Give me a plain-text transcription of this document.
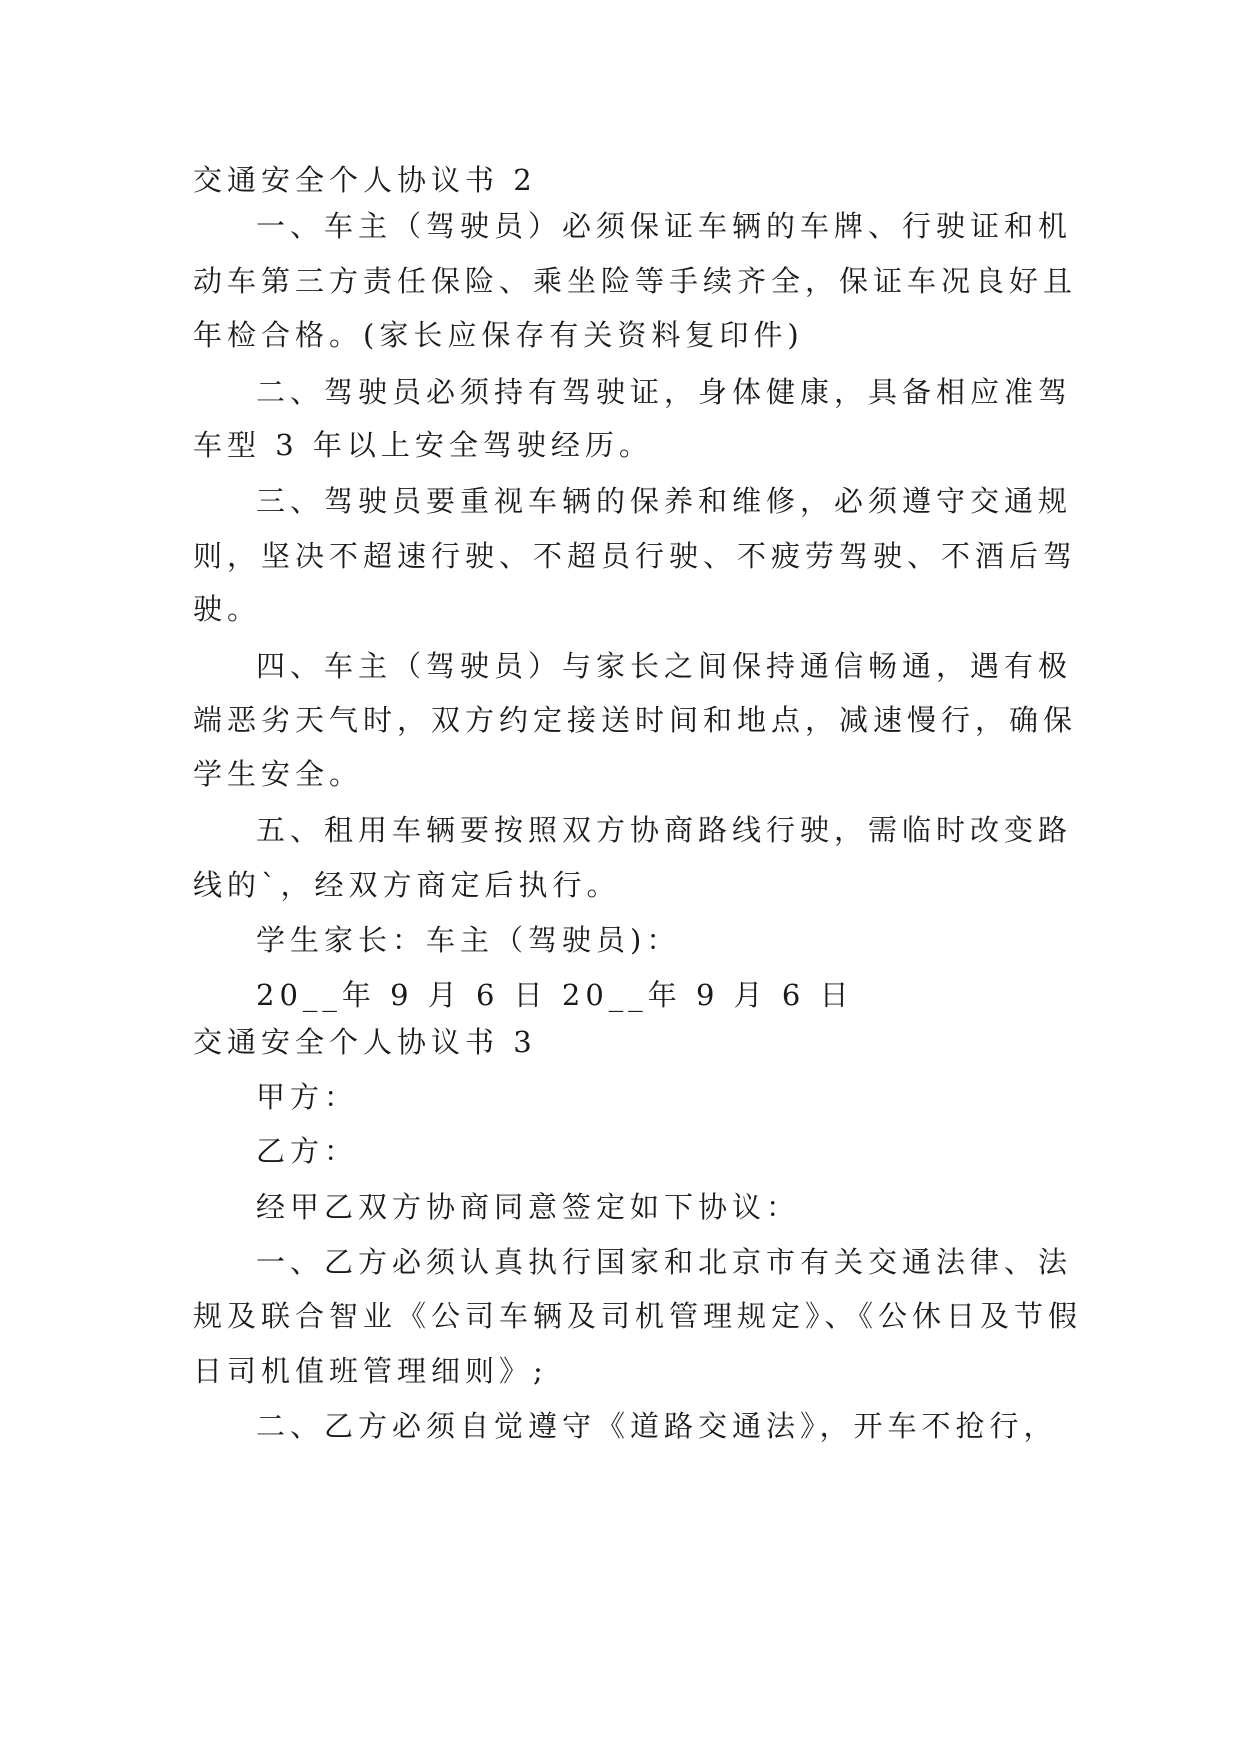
交通安全个人协议书 2
一、车主（驾驶员）必须保证车辆的车牌、行驶证和机
动车第三方责任保险、乘坐险等手续齐全，保证车况良好且
年检合格。(家长应保存有关资料复印件)
二、驾驶员必须持有驾驶证，身体健康，具备相应准驾
车型 3 年以上安全驾驶经历。
三、驾驶员要重视车辆的保养和维修，必须遵守交通规
则，坚决不超速行驶、不超员行驶、不疲劳驾驶、不酒后驾
驶。
四、车主（驾驶员）与家长之间保持通信畅通，遇有极
端恶劣天气时，双方约定接送时间和地点，减速慢行，确保
学生安全。
五、租用车辆要按照双方协商路线行驶，需临时改变路
线的`，经双方商定后执行。
学生家长：车主（驾驶员)：
20__年 9 月 6 日 20__年 9 月 6 日
交通安全个人协议书 3
甲方：
乙方：
经甲乙双方协商同意签定如下协议：
一、乙方必须认真执行国家和北京市有关交通法律、法
规及联合智业《公司车辆及司机管理规定》、《公休日及节假
日司机值班管理细则》;
二、乙方必须自觉遵守《道路交通法》，开车不抢行，
